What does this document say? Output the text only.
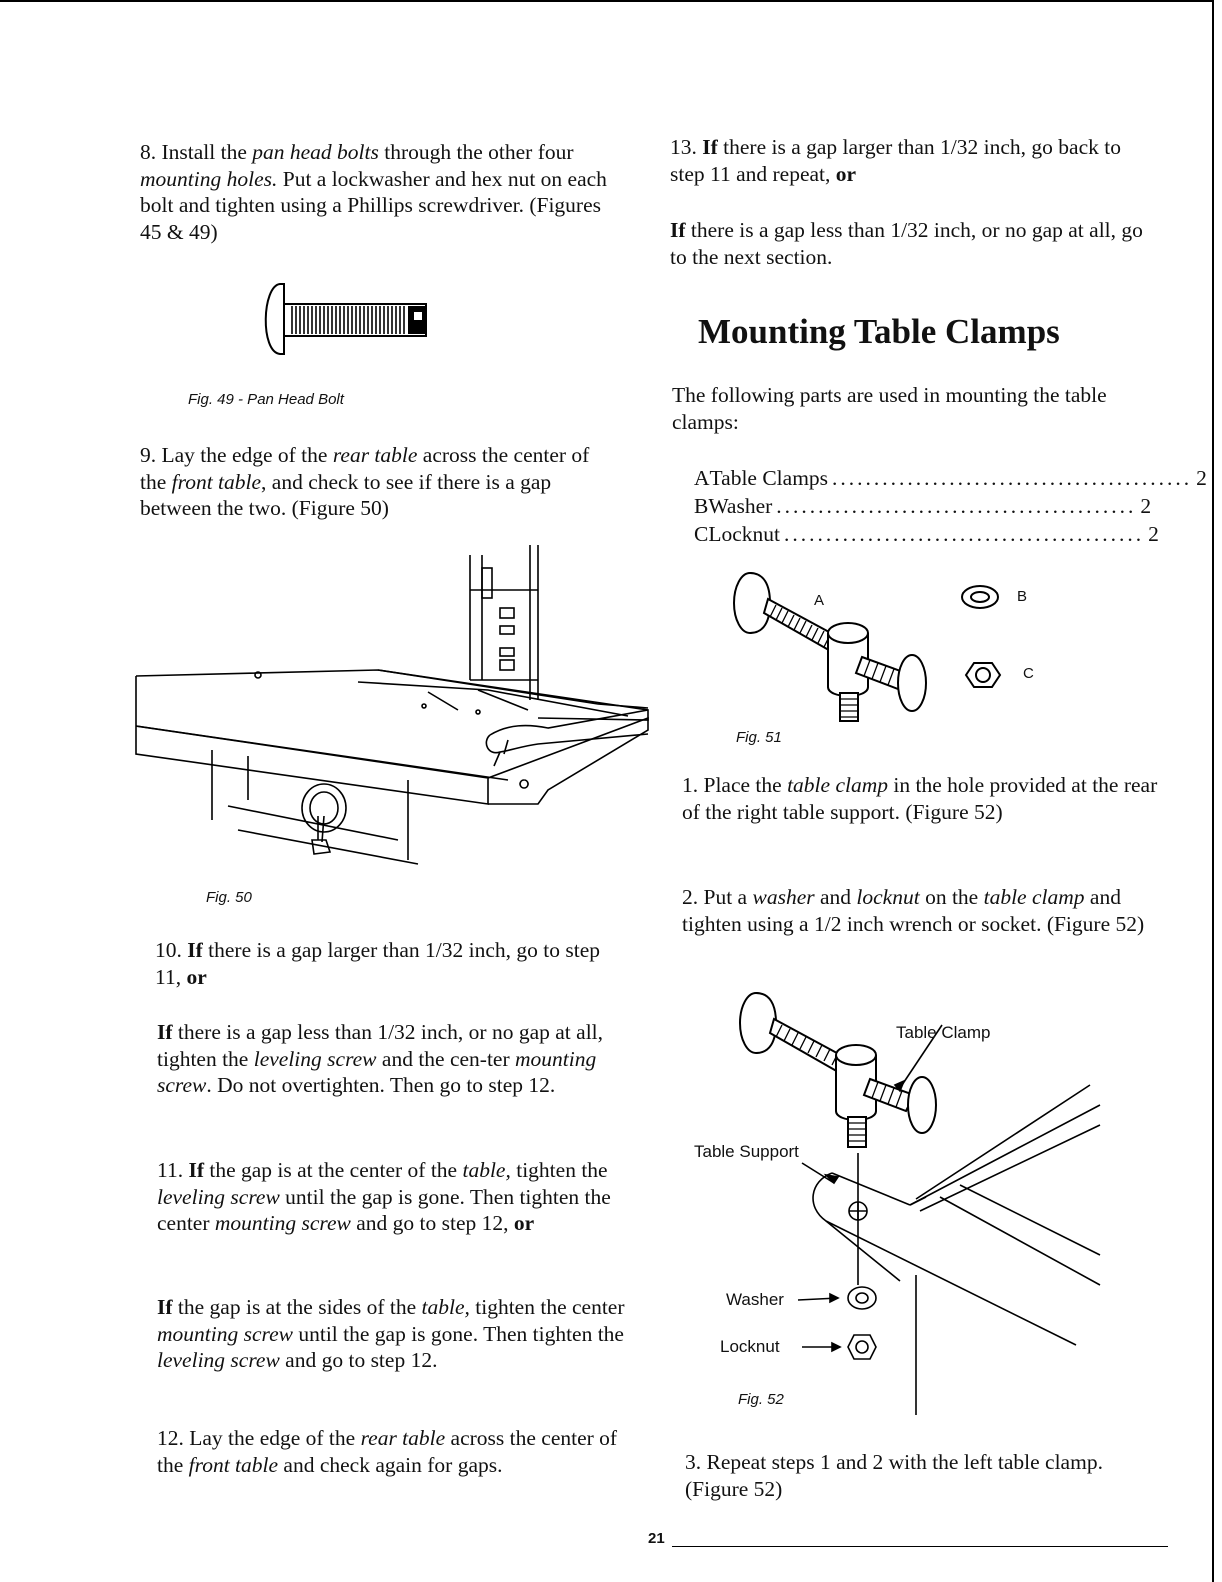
8. Install the pan head bolts through the other four mounting holes. Put a lockwasher and hex nut on each bolt and tighten using a Phillips screwdriver. (Figures 45 & 49)

Fig. 49 - Pan Head Bolt

9. Lay the edge of the rear table across the center of the front table, and check to see if there is a gap between the two. (Figure 50)

Fig. 50

10. If there is a gap larger than 1/32 inch, go to step 11, or

If there is a gap less than 1/32 inch, or no gap at all, tighten the leveling screw and the cen-ter mounting screw. Do not overtighten. Then go to step 12.

11. If the gap is at the center of the table, tighten the leveling screw until the gap is gone. Then tighten the center mounting screw and go to step 12, or

If the gap is at the sides of the table, tighten the center mounting screw until the gap is gone. Then tighten the leveling screw and go to step 12.

12. Lay the edge of the rear table across the center of the front table and check again for gaps.

13. If there is a gap larger than 1/32 inch, go back to step 11 and repeat, or

If there is a gap less than 1/32 inch, or no gap at all, go to the next section.

Mounting Table Clamps

The following parts are used in mounting the table clamps:

A Table Clamps ........................................... 2
B Washer ........................................... 2
C Locknut ........................................... 2
A	B
C
Fig. 51

1. Place the table clamp in the hole provided at the rear of the right table support. (Figure 52)

2. Put a washer and locknut on the table clamp and tighten using a 1/2 inch wrench or socket. (Figure 52)

Table Clamp
Table Support
Washer
Locknut
Fig. 52

3. Repeat steps 1 and 2 with the left table clamp. (Figure 52)

21
